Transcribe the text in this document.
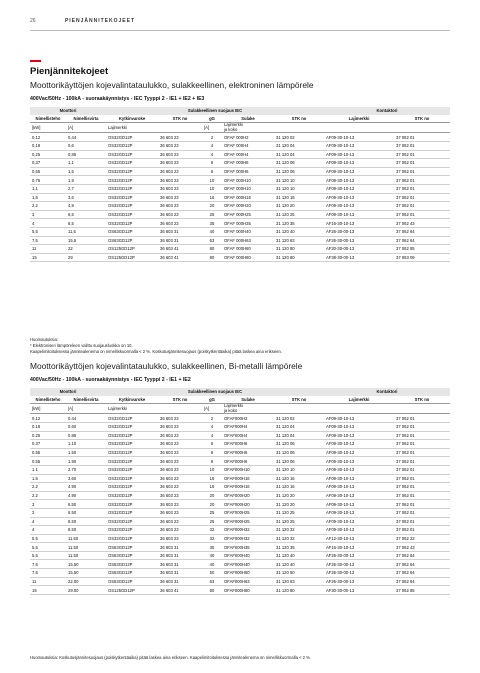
26	PIENJÄNNITEKOJEET
Pienjännitekojeet
Moottorikäyttöjen kojevalintataulukko, sulakkeellinen, elektroninen lämpörele
400Vac/50Hz - 100kA - suoraakäynnistys - IEC Tyyppi 2 - IE1 + IE2 + IE3
Moottori		Sulakkeellinen suojaus IEC					Kontaktori	
Nimellisteho	Nimellisvirta	Kytkinvaroke	STK no	gG	Sulake	STK no	Lajimerkki	STK no
[kW]	[A]	Lajimerkki		[A]	Lajimerkki
ja koko			
0,12	0,44	OS32GD12P	36 603 23	2	OFAF 000H2	31 120 02	AF09-30-10-13	37 062 01
0,18	0,6	OS32GD12P	36 603 23	4	OFAF 000H4	31 120 04	AF09-30-10-13	37 062 01
0,25	0,85	OS32GD12P	36 603 23	4	OFAF 000H4	31 120 04	AF09-30-10-13	37 062 01
0,37	1,1	OS32GD12P	36 603 23	6	OFAF 000H6	31 120 06	AF09-30-10-13	37 062 01
0,55	1,5	OS32GD12P	36 603 23	6	OFAF 000H6	31 120 06	AF09-30-10-13	37 062 01
0,75	1,9	OS32GD12P	36 603 23	10	OFAF 000H10	31 120 10	AF09-30-10-13	37 062 01
1,1	2,7	OS32GD12P	36 603 23	10	OFAF 000H10	31 120 10	AF09-30-10-13	37 062 01
1,5	3,6	OS32GD12P	36 603 23	16	OFAF 000H16	31 120 16	AF09-30-10-13	37 062 01
2,2	4,9	OS32GD12P	36 603 23	20	OFAF 000H20	31 120 20	AF09-30-10-13	37 062 01
3	6,5	OS32GD12P	36 603 23	25	OFAF 000H25	31 120 25	AF09-30-10-13	37 062 01
4	8,5	OS32GD12P	36 603 23	35	OFAF 000H35	31 120 35	AF16-30-10-13	37 062 43
5,5	11,5	OS63GD12P	36 603 31	40	OFAF 000H40	31 120 40	AF26-30-00-13	37 062 64
7,5	15,5	OS63GD12P	36 603 31	63	OFAF 000H63	31 120 63	AF26-30-00-13	37 062 64
11	22	OS125GD12P	36 603 41	80	OFAF 000H80	31 120 80	AF30-30-00-13	37 062 85
15	29	OS125GD12P	36 603 41	80	OFAF 000H80	31 120 80	AF38-30-00-13	37 063 09
Huomautuksia:
* Elektronisen lämpöreleen valittu suojausluokka on 10.
Kaapelimitoituksessa jännitealenema on nimelliskuormalla < 2 %. Koskutusjännitesuojaus (poiskytkentäaika) pitää laskea aina erikseen.
Moottorikäyttöjen kojevalintataulukko, sulakkeellinen, Bi-metalli lämpörele
400Vac/50Hz - 100kA - suoraakäynnistys - IEC Tyyppi 2 - IE1 + IE2
Moottori		Sulakkeellinen suojaus IEC					Kontaktori	
Nimellisteho	Nimellisvirta	Kytkinvaroke	STK no	gG	Sulake	STK no	Lajimerkki	STK no
[kW]	[A]	Lajimerkki		[A]	Lajimerkki
ja koko			
0.12	0.44	OS32GD12P	36 603 23	2	OFAF000H2	31 120 02	AF09-30-10-13	37 062 01
0.18	0.60	OS32GD12P	36 603 23	4	OFAF000H4	31 120 04	AF09-30-10-13	37 062 01
0.25	0.85	OS32GD12P	36 603 23	4	OFAF000H4	31 120 04	AF09-30-10-13	37 062 01
0.37	1.10	OS32GD12P	36 603 23	6	OFAF000H6	31 120 06	AF09-30-10-13	37 062 01
0.55	1.50	OS32GD12P	36 603 23	6	OFAF000H6	31 120 06	AF09-30-10-13	37 062 01
0.55	1.90	OS32GD12P	36 603 23	6	OFAF000H6	31 120 06	AF09-30-10-13	37 062 01
1.1	2.70	OS32GD12P	36 603 23	10	OFAF000H10	31 120 10	AF09-30-10-13	37 062 01
1.5	3.60	OS32GD12P	36 603 23	16	OFAF000H16	31 120 16	AF09-30-10-13	37 062 01
2.2	4.90	OS32GD12P	36 603 23	16	OFAF000H16	31 120 16	AF09-30-10-13	37 062 01
2.2	4.90	OS32GD12P	36 603 23	20	OFAF000H20	31 120 20	AF09-30-10-13	37 062 01
3	6.50	OS32GD12P	36 603 23	20	OFAF000H20	31 120 20	AF09-30-10-13	37 062 01
3	6.50	OS32GD12P	36 603 23	25	OFAF000H25	31 120 25	AF09-30-10-13	37 062 01
4	8.50	OS32GD12P	36 603 23	25	OFAF000H25	31 120 25	AF09-30-10-13	37 062 01
4	8.50	OS32GD12P	36 603 23	32	OFAF000H32	31 120 32	AF09-30-10-13	37 062 01
5.5	11.50	OS32GD12P	36 603 23	32	OFAF000H32	31 120 32	AF12-30-10-13	37 062 22
5.5	11.50	OS63GD12P	36 603 31	35	OFAF000H35	31 120 35	AF16-30-10-13	37 062 43
5.5	11.50	OS63GD12P	36 603 31	40	OFAF000H40	31 120 40	AF26-30-00-13	37 062 64
7.5	15.50	OS63GD12P	36 603 31	40	OFAF000H40	31 120 40	AF26-30-00-13	37 062 64
7.5	15.50	OS63GD12P	36 603 31	50	OFAF000H50	31 120 50	AF26-30-00-13	37 062 64
11	22.00	OS63GD12P	36 603 31	63	OFAF000H63	31 120 63	AF26-30-00-13	37 062 64
15	29.00	OS125GD12P	36 603 41	80	OFAF000H80	31 120 80	AF30-30-00-13	37 062 85
Huomautuksia: Koskutusjännitesuojaus (poiskytkentäaika) pitää laskea aina erikseen. Kaapelimitoituksessa jännitealenema on nimelliskuormalla < 2 %.
